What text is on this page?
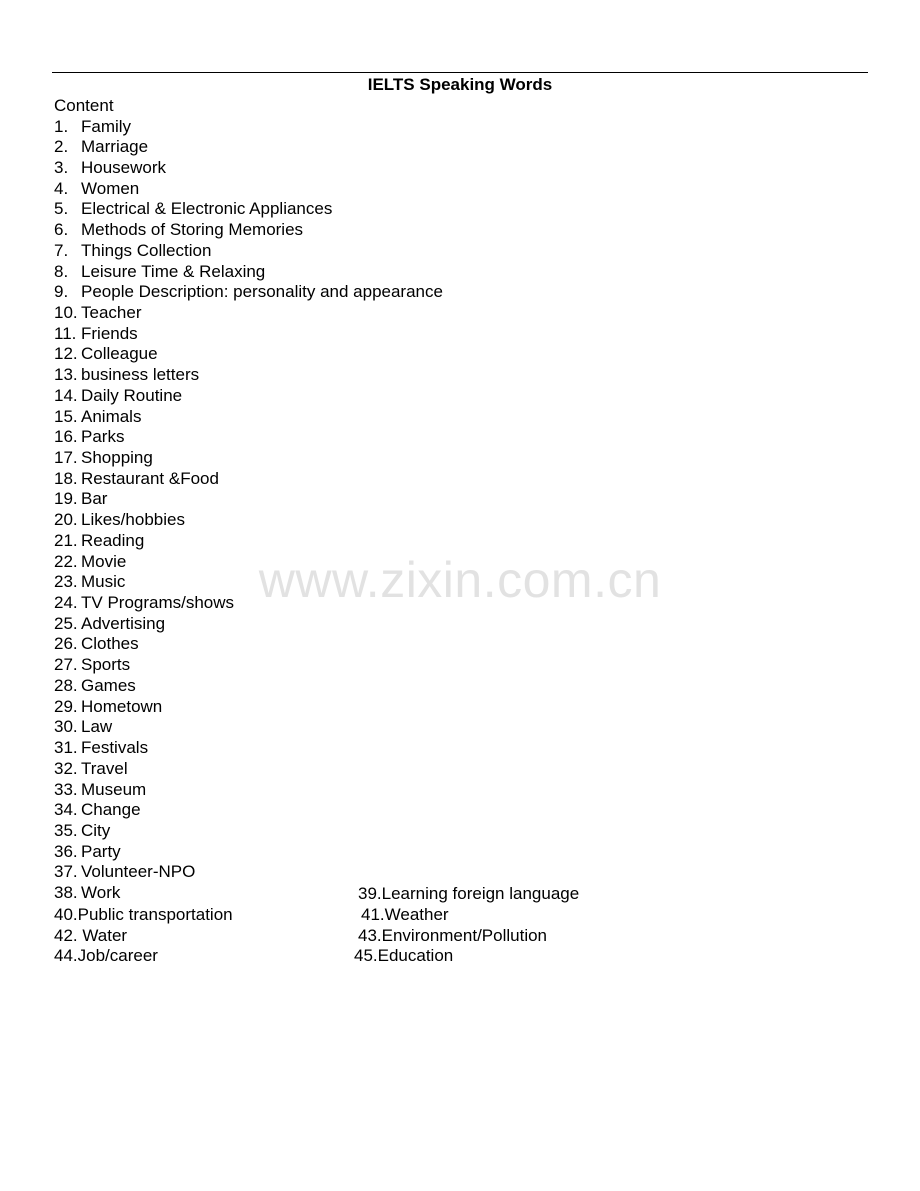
IELTS Speaking Words
Content
1. Family
2. Marriage
3. Housework
4. Women
5. Electrical & Electronic Appliances
6. Methods of Storing Memories
7. Things Collection
8. Leisure Time & Relaxing
9. People Description: personality and appearance
10. Teacher
11. Friends
12. Colleague
13. business letters
14. Daily Routine
15. Animals
16. Parks
17. Shopping
18. Restaurant &Food
19. Bar
20. Likes/hobbies
21. Reading
22. Movie
23. Music
24. TV Programs/shows
25. Advertising
26. Clothes
27. Sports
28. Games
29. Hometown
30. Law
31. Festivals
32. Travel
33. Museum
34. Change
35. City
36. Party
37. Volunteer-NPO
38. Work	39.Learning foreign language
40.Public transportation	41.Weather
42. Water	43.Environment/Pollution
44.Job/career	45.Education
www.zixin.com.cn
